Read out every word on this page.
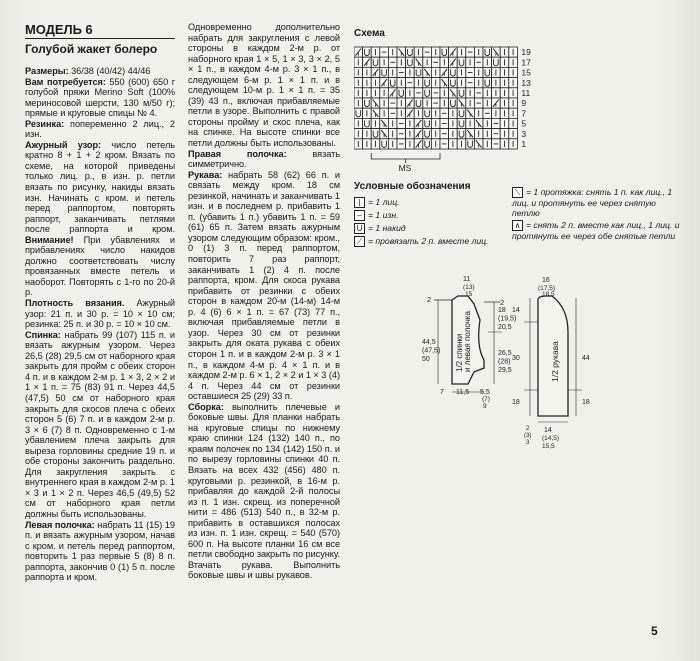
МОДЕЛЬ 6
Голубой жакет болеро

Размеры: 36/38 (40/42) 44/46

Вам потребуется: 550 (600) 650 г голубой пряжи Merino Soft (100% мериносовой шерсти, 130 м/50 г); прямые и круговые спицы № 4.

Резинка: попеременно 2 лиц., 2 изн.

Ажурный узор: число петель кратно 8 + 1 + 2 кром. Вязать по схеме, на которой приведены только лиц. р., в изн. р. петли вязать по рисунку, накиды вязать изн. Начинать с кром. и петель перед раппортом, повторять раппорт, заканчивать петлями после раппорта и кром. Внимание! При убавлениях и прибавлениях число накидов должно соответствовать числу провязанных вместе петель и наоборот. Повторять с 1-го по 20-й р.

Плотность вязания. Ажурный узор: 21 п. и 30 р. = 10 × 10 см; резинка: 25 п. и 30 р. = 10 × 10 см.

Спинка: набрать 99 (107) 115 п. и вязать ажурным узором. Через 26,5 (28) 29,5 см от наборного края закрыть для пройм с обеих сторон 4 п. и в каждом 2-м р. 1 × 3, 2 × 2 и 1 × 1 п. = 75 (83) 91 п. Через 44,5 (47,5) 50 см от наборного края закрыть для скосов плеча с обеих сторон 5 (6) 7 п. и в каждом 2-м р. 3 × 6 (7) 8 п. Одновременно с 1-м убавлением плеча закрыть для выреза горловины средние 19 п. и обе стороны закончить раздельно. Для закругления закрыть с внутреннего края в каждом 2-м р. 1 × 3 и 1 × 2 п. Через 46,5 (49,5) 52 см от наборного края петли должны быть использованы.

Левая полочка: набрать 11 (15) 19 п. и вязать ажурным узором, начав с кром. и петель перед раппортом, повторить 1 раз первые 5 (8) 8 п. раппорта, закончив 0 (1) 5 п. после раппорта и кром.

Одновременно дополнительно набрать для закругления с левой стороны в каждом 2-м р. от наборного края 1 × 5, 1 × 3, 3 × 2, 5 × 1 п., в каждом 4-м р. 3 × 1 п., в следующем 6-м р. 1 × 1 п. и в следующем 10-м р. 1 × 1 п. = 35 (39) 43 п., включая прибавляемые петли в узоре. Выполнить с правой стороны пройму и скос плеча, как на спинке. На высоте спинки все петли должны быть использованы.

Правая полочка: вязать симметрично.

Рукава: набрать 58 (62) 66 п. и связать между кром. 18 см резинкой, начинать и заканчивать 1 изн. и в последнем р. прибавить 1 п. (убавить 1 п.) убавить 1 п. = 59 (61) 65 п. Затем вязать ажурным узором следующим образом: кром., 0 (1) 3 п. перед раппортом, повторить 7 раз раппорт, заканчивать 1 (2) 4 п. после раппорта, кром. Для скоса рукава прибавить от резинки с обеих сторон в каждом 20-м (14-м) 14-м р. 4 (6) 6 × 1 п. = 67 (73) 77 п., включая прибавляемые петли в узор. Через 30 см от резинки закрыть для оката рукава с обеих сторон 1 п. и в каждом 2-м р. 3 × 1 п., в каждом 4-м р. 4 × 1 п. и в каждом 2-м р. 6 × 1, 2 × 2 и 1 × 3 (4) 4 п. Через 44 см от резинки оставшиеся 25 (29) 33 п.

Сборка: выполнить плечевые и боковые швы. Для планки набрать на круговые спицы по нижнему краю спинки 124 (132) 140 п., по краям полочек по 134 (142) 150 п. и по вырезу горловины спинки 40 п. Вязать на всех 432 (456) 480 п. круговыми р. резинкой, в 16-м р. прибавляя до каждой 2-й полосы из п. 1 изн. скрещ. из поперечной нити = 486 (513) 540 п., в 32-м р. прибавить в оставшихся полосах из изн. п. 1 изн. скрещ. = 540 (570) 600 п. На высоте планки 16 см все петли свободно закрыть по рисунку. Втачать рукава. Выполнить боковые швы и швы рукавов.

Схема
19
17
15
13
11
9
7
5
3
1
MS
Условные обозначения
| = 1 лиц.
– = 1 изн.
U = 1 накид
⟋ = провязать 2 п. вместе лиц.
⟍ = 1 протяжка: снять 1 п. как лиц., 1 лиц. и протянуть ее через снятую петлю
∧ = снять 2 п. вместе как лиц., 1 лиц. и протянуть ее через обе снятые петли
2
11
(13)
15
2
44,5
(47,5)
50
18
(19,5)
20,5
26,5
(28)
29,5
7 11,5 5,5
(7)
9
1/2 спинки и левая полочка
16
(17,5)
18,5
14
30
18
44
18
14
(14,5)
15,5
2
(3)
3
1/2 рукава
5
